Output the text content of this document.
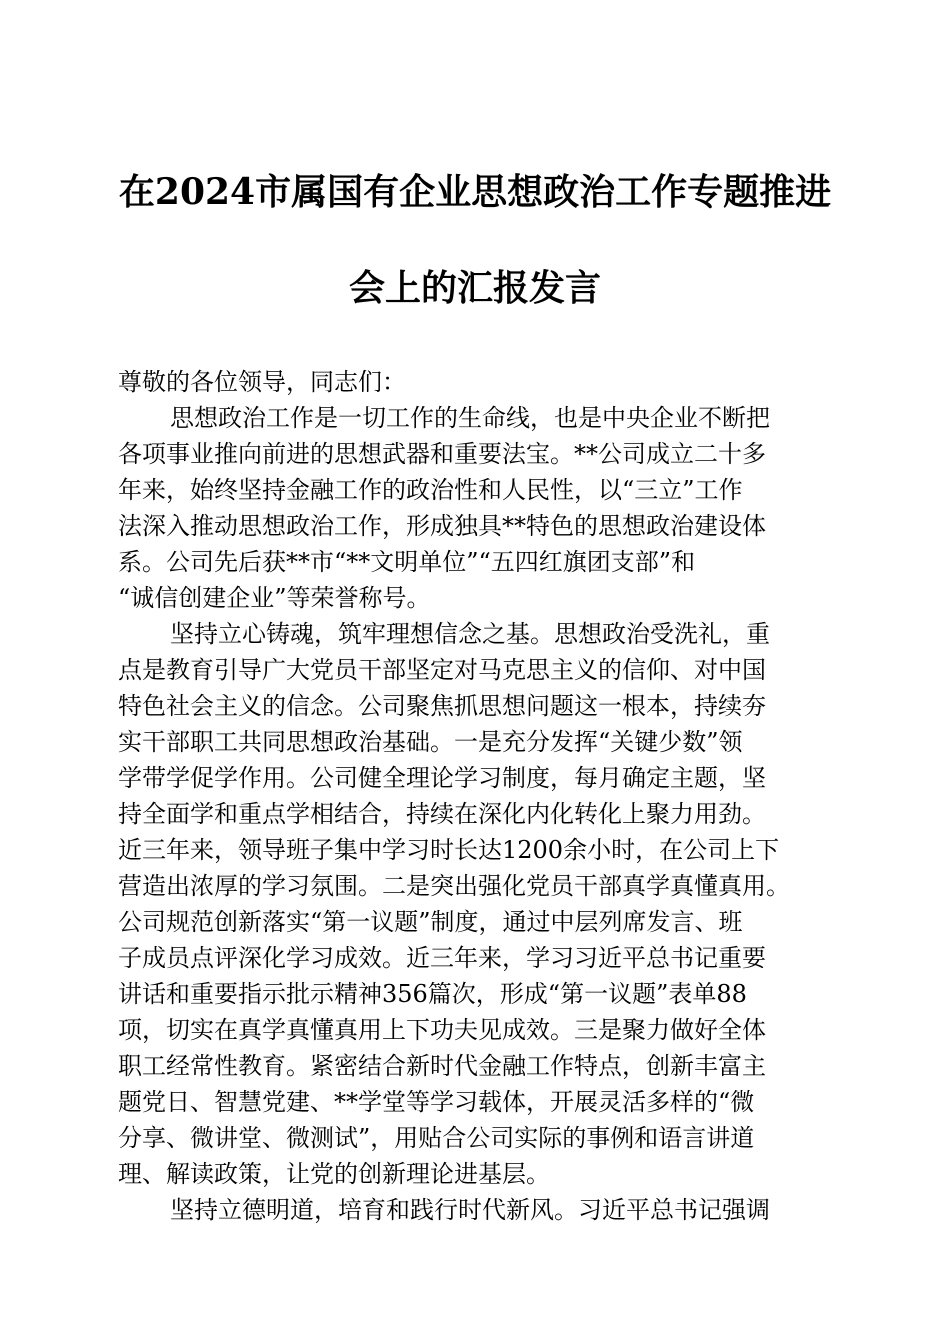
在2024市属国有企业思想政治工作专题推进
会上的汇报发言
尊敬的各位领导，同志们：
思想政治工作是一切工作的生命线，也是中央企业不断把
各项事业推向前进的思想武器和重要法宝。**公司成立二十多
年来，始终坚持金融工作的政治性和人民性，以“三立”工作
法深入推动思想政治工作，形成独具**特色的思想政治建设体
系。公司先后获**市“**文明单位”“五四红旗团支部”和
“诚信创建企业”等荣誉称号。
坚持立心铸魂，筑牢理想信念之基。思想政治受洗礼，重
点是教育引导广大党员干部坚定对马克思主义的信仰、对中国
特色社会主义的信念。公司聚焦抓思想问题这一根本，持续夯
实干部职工共同思想政治基础。一是充分发挥“关键少数”领
学带学促学作用。公司健全理论学习制度，每月确定主题，坚
持全面学和重点学相结合，持续在深化内化转化上聚力用劲。
近三年来，领导班子集中学习时长达1200余小时，在公司上下
营造出浓厚的学习氛围。二是突出强化党员干部真学真懂真用。
公司规范创新落实“第一议题”制度，通过中层列席发言、班
子成员点评深化学习成效。近三年来，学习习近平总书记重要
讲话和重要指示批示精神356篇次，形成“第一议题”表单88
项，切实在真学真懂真用上下功夫见成效。三是聚力做好全体
职工经常性教育。紧密结合新时代金融工作特点，创新丰富主
题党日、智慧党建、**学堂等学习载体，开展灵活多样的“微
分享、微讲堂、微测试”，用贴合公司实际的事例和语言讲道
理、解读政策，让党的创新理论进基层。
坚持立德明道，培育和践行时代新风。习近平总书记强调
